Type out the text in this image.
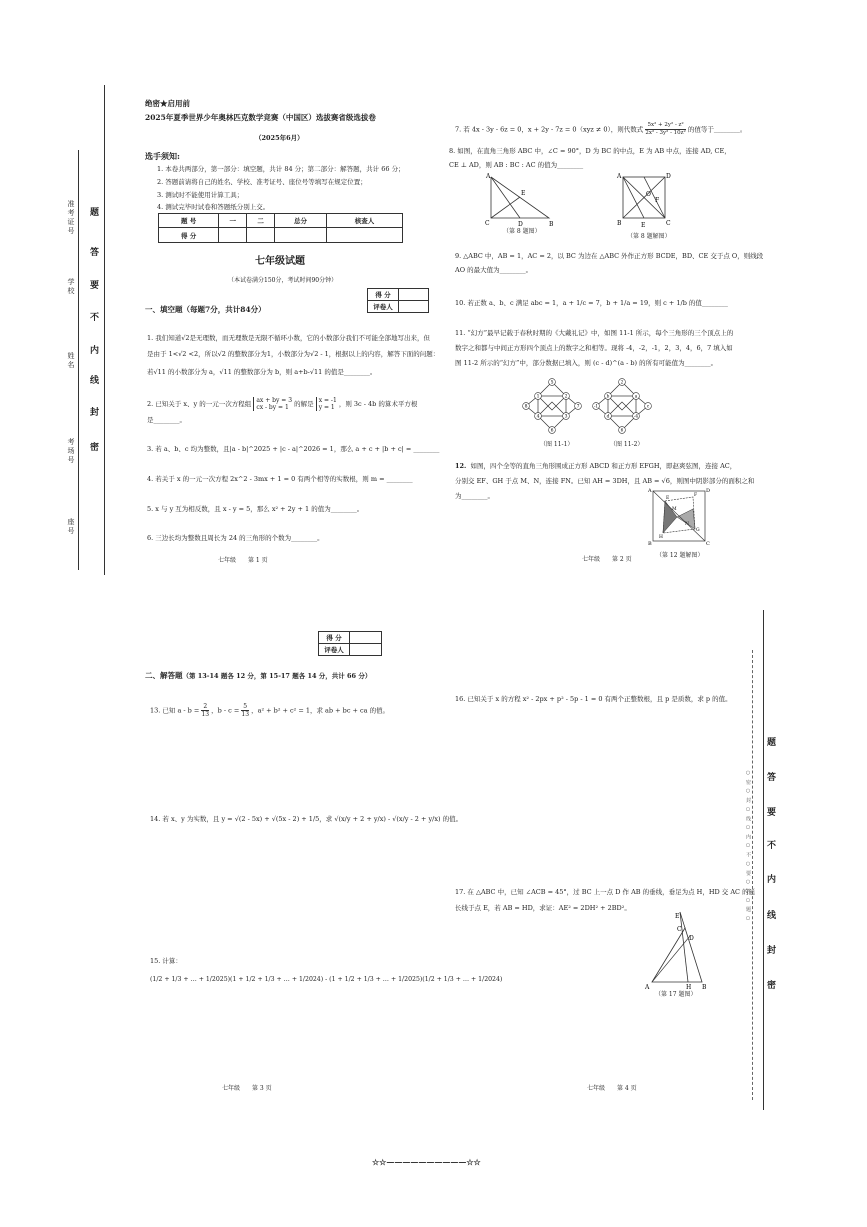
准考证号
学校
姓名
考场号
座号
题
答
要
不
内
线
封
密
绝密★启用前
2025年夏季世界少年奥林匹克数学竞赛（中国区）选拔赛省级选拔卷
（2025年6月）
选手须知:
1. 本卷共两部分，第一部分：填空题，共计 84 分；第二部分：解答题，共计 66 分；
2. 答题前请将自己的姓名、学校、准考证号、座位号等填写在规定位置；
3. 测试时不能使用计算工具；
4. 测试完毕时试卷和答题纸分别上交。
题 号	一	二	总分	核查人
得 分				
七年级试题
（本试卷满分150分，考试时间90分钟）
得 分	
评卷人	
一、填空题（每题7分，共计84分）
1. 我们知道√2是无理数，而无理数是无限不循环小数，它的小数部分我们不可能全部地写出来，但
是由于 1<√2 <2，所以√2 的整数部分为1，小数部分为√2 - 1，根据以上的内容，解答下面的问题：
若√11 的小数部分为 a，√11 的整数部分为 b，则 a+b-√11 的值是________。
2. 已知关于 x、y 的一元一次方程组 ax + by = 3
cx - by = 1 的解是 x = -1
y = 1 ，则 3c - 4b 的算术平方根
是________。
3. 若 a、b、c 均为整数，且|a - b|^2025 + |c - a|^2026 = 1，那么 a + c + |b + c| = ________
4. 若关于 x 的一元一次方程 2x^2 - 3mx + 1 = 0 有两个相等的实数根，则 m = ________
5. x 与 y 互为相反数，且 x - y = 5，那么 x² + 2y + 1 的值为________。
6. 三边长均为整数且周长为 24 的三角形的个数为________。
七年级　　第 1 页
7. 若 4x - 3y - 6z = 0，x + 2y - 7z = 0（xyz ≠ 0），则代数式 $\frac{\text{5x² + 2y² - z²}}{\text{2x² - 3y² - 10z²}}$ 的值等于________。
8. 如图，在直角三角形 ABC 中，∠C = 90°，D 为 BC 的中点，E 为 AB 中点，连接 AD, CE，
CE ⊥ AD，则 AB : BC : AC 的值为________
A
E
C	D	B
（第 8 题图）
A	D
B	C
E
F
O
（第 8 题解图）
9. △ABC 中，AB = 1，AC = 2，以 BC 为边在 △ABC 外作正方形 BCDE，BD、CE 交于点 O，则线段
AO 的最大值为________。
10. 若正数 a、b、c 满足 abc = 1，a + 1/c = 7，b + 1/a = 19，则 c + 1/b 的值________
11. “幻方”最早记载于春秋时期的《大戴礼记》中，如图 11-1 所示，每个三角形的三个顶点上的
数字之和都与中间正方形四个顶点上的数字之和相等。现将 -4，-2，-1，2，3，4，6，7 填入如
图 11-2 所示的“幻方”中，部分数据已填入，则 (c - d)^(a - b) 的所有可能值为________。
5
1	2
8	7
4	3
6
（图 11-1）
2
b	a
-1	c
d	-4
6
（图 11-2）
12. 如图，四个全等的直角三角形围成正方形 ABCD 和正方形 EFGH，即赵爽弦图，连接 AC，
分别交 EF、GH 于点 M、N，连接 FN。已知 AH = 3DH，且 AB = √6，则图中阴影部分的面积之和
为________。
A	D
B	C
E
F
G
H
M
N
（第 12 题解图）
七年级　　第 2 页
得 分	
评卷人	
二、解答题（第 13-14 题各 12 分，第 15-17 题各 14 分，共计 66 分）
13. 已知 $a - b = \frac{2}{13}$ ，$b - c = \frac{5}{13}$ ，a² + b² + c² = 1，求 ab + bc + ca 的值。
14. 若 x、y 为实数，且 y = √(2 - 5x) + √(5x - 2) + 1/5，求 √(x/y + 2 + y/x) - √(x/y - 2 + y/x) 的值。
15. 计算：
(1/2 + 1/3 + … + 1/2025)(1 + 1/2 + 1/3 + … + 1/2024) - (1 + 1/2 + 1/3 + … + 1/2025)(1/2 + 1/3 + … + 1/2024)
七年级　　第 3 页
16. 已知关于 x 的方程 x² - 2px + p² - 5p - 1 = 0 有两个正整数根，且 p 是质数，求 p 的值。
17. 在 △ABC 中，已知 ∠ACB = 45°，过 BC 上一点 D 作 AB 的垂线，垂足为点 H，HD 交 AC 的延
长线于点 E，若 AB = HD，求证：AE² = 2DH² + 2BD²。
E
C
D
A	H B
（第 17 题图）
七年级　　第 4 页
○ 密 ○ 封 ○ 线 ○ 内 ○ 不 ○ 要 ○ 答 ○ 题 ○
题
答
要
不
内
线
封
密
☆☆——————————☆☆
